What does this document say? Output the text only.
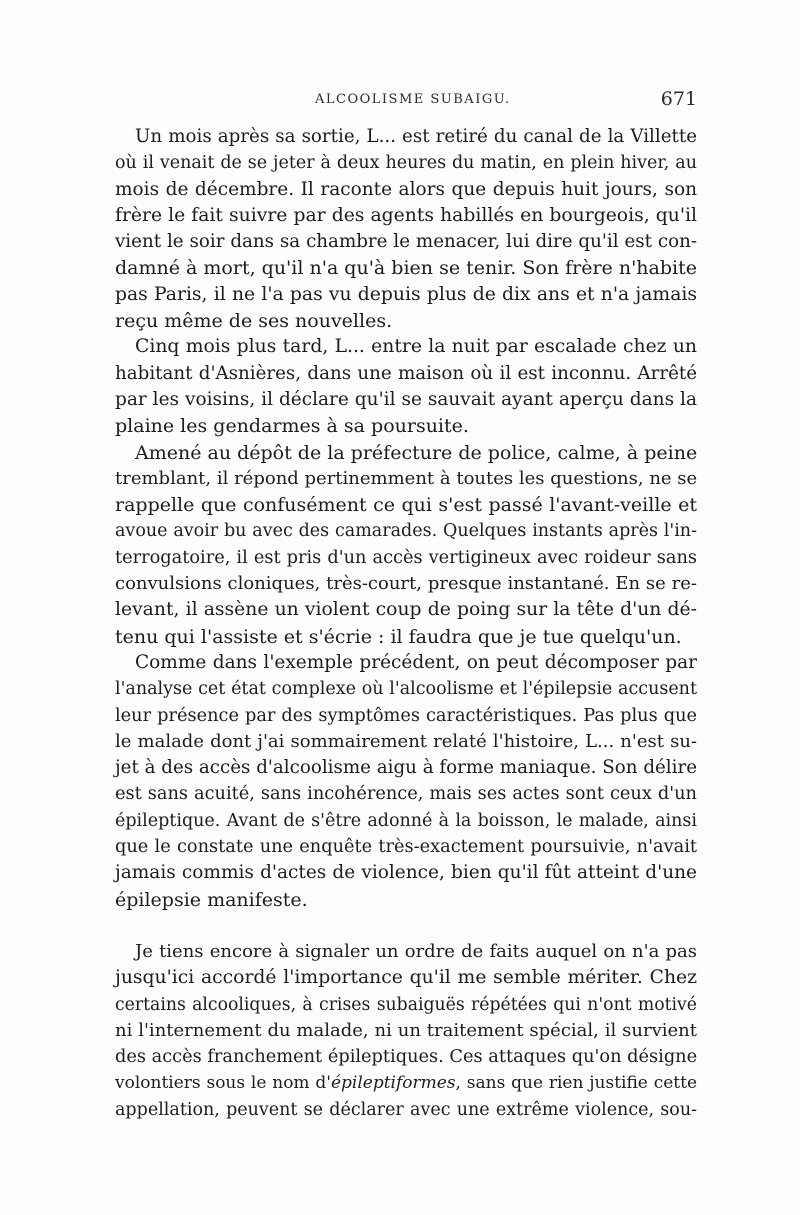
ALCOOLISME SUBAIGU.	671
Un mois après sa sortie, L... est retiré du canal de la Villette
où il venait de se jeter à deux heures du matin, en plein hiver, au
mois de décembre. Il raconte alors que depuis huit jours, son
frère le fait suivre par des agents habillés en bourgeois, qu'il
vient le soir dans sa chambre le menacer, lui dire qu'il est con-
damné à mort, qu'il n'a qu'à bien se tenir. Son frère n'habite
pas Paris, il ne l'a pas vu depuis plus de dix ans et n'a jamais
reçu même de ses nouvelles.
Cinq mois plus tard, L... entre la nuit par escalade chez un
habitant d'Asnières, dans une maison où il est inconnu. Arrêté
par les voisins, il déclare qu'il se sauvait ayant aperçu dans la
plaine les gendarmes à sa poursuite.
Amené au dépôt de la préfecture de police, calme, à peine
tremblant, il répond pertinemment à toutes les questions, ne se
rappelle que confusément ce qui s'est passé l'avant-veille et
avoue avoir bu avec des camarades. Quelques instants après l'in-
terrogatoire, il est pris d'un accès vertigineux avec roideur sans
convulsions cloniques, très-court, presque instantané. En se re-
levant, il assène un violent coup de poing sur la tête d'un dé-
tenu qui l'assiste et s'écrie : il faudra que je tue quelqu'un.
Comme dans l'exemple précédent, on peut décomposer par
l'analyse cet état complexe où l'alcoolisme et l'épilepsie accusent
leur présence par des symptômes caractéristiques. Pas plus que
le malade dont j'ai sommairement relaté l'histoire, L... n'est su-
jet à des accès d'alcoolisme aigu à forme maniaque. Son délire
est sans acuité, sans incohérence, mais ses actes sont ceux d'un
épileptique. Avant de s'être adonné à la boisson, le malade, ainsi
que le constate une enquête très-exactement poursuivie, n'avait
jamais commis d'actes de violence, bien qu'il fût atteint d'une
épilepsie manifeste.
Je tiens encore à signaler un ordre de faits auquel on n'a pas
jusqu'ici accordé l'importance qu'il me semble mériter. Chez
certains alcooliques, à crises subaiguës répétées qui n'ont motivé
ni l'internement du malade, ni un traitement spécial, il survient
des accès franchement épileptiques. Ces attaques qu'on désigne
volontiers sous le nom d'épileptiformes, sans que rien justifie cette
appellation, peuvent se déclarer avec une extrême violence, sou-
